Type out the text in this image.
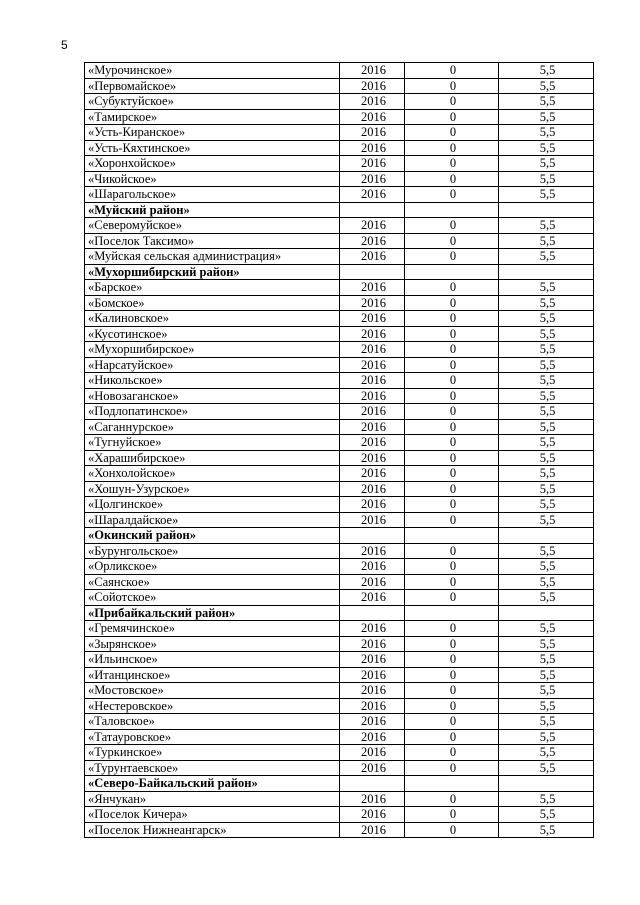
5
«Мурочинское»	2016	0	5,5
«Первомайское»	2016	0	5,5
«Субуктуйское»	2016	0	5,5
«Тамирское»	2016	0	5,5
«Усть-Киранское»	2016	0	5,5
«Усть-Кяхтинское»	2016	0	5,5
«Хоронхойское»	2016	0	5,5
«Чикойское»	2016	0	5,5
«Шарагольское»	2016	0	5,5
«Муйский район»			
«Северомуйское»	2016	0	5,5
«Поселок Таксимо»	2016	0	5,5
«Муйская сельская администрация»	2016	0	5,5
«Мухоршибирский район»			
«Барское»	2016	0	5,5
«Бомское»	2016	0	5,5
«Калиновское»	2016	0	5,5
«Кусотинское»	2016	0	5,5
«Мухоршибирское»	2016	0	5,5
«Нарсатуйское»	2016	0	5,5
«Никольское»	2016	0	5,5
«Новозаганское»	2016	0	5,5
«Подлопатинское»	2016	0	5,5
«Саганнурское»	2016	0	5,5
«Тугнуйское»	2016	0	5,5
«Харашибирское»	2016	0	5,5
«Хонхолойское»	2016	0	5,5
«Хошун-Узурское»	2016	0	5,5
«Цолгинское»	2016	0	5,5
«Шаралдайское»	2016	0	5,5
«Окинский район»			
«Бурунгольское»	2016	0	5,5
«Орликское»	2016	0	5,5
«Саянское»	2016	0	5,5
«Сойотское»	2016	0	5,5
«Прибайкальский район»			
«Гремячинское»	2016	0	5,5
«Зырянское»	2016	0	5,5
«Ильинское»	2016	0	5,5
«Итанцинское»	2016	0	5,5
«Мостовское»	2016	0	5,5
«Нестеровское»	2016	0	5,5
«Таловское»	2016	0	5,5
«Татауровское»	2016	0	5,5
«Туркинское»	2016	0	5,5
«Турунтаевское»	2016	0	5,5
«Северо-Байкальский район»			
«Янчукан»	2016	0	5,5
«Поселок Кичера»	2016	0	5,5
«Поселок Нижнеангарск»	2016	0	5,5
